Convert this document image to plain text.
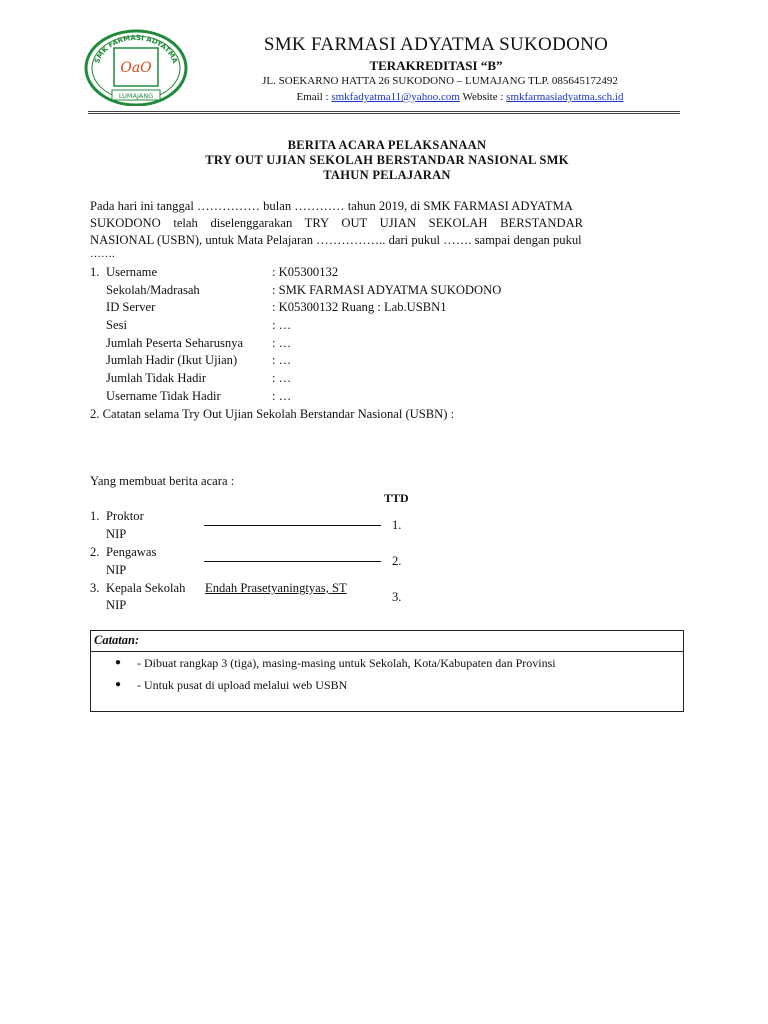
SMK FARMASI ADYATMA
OaO
LUMAJANG
SMK FARMASI ADYATMA SUKODONO
TERAKREDITASI “B”
JL. SOEKARNO HATTA 26 SUKODONO – LUMAJANG TLP. 085645172492
Email : smkfadyatma11@yahoo.com Website : smkfarmasiadyatma.sch.id
BERITA ACARA PELAKSANAAN
TRY OUT UJIAN SEKOLAH BERSTANDAR NASIONAL SMK
TAHUN PELAJARAN
Pada hari ini tanggal …………… bulan ………… tahun 2019, di SMK FARMASI ADYATMA
SUKODONO telah diselenggarakan TRY OUT UJIAN SEKOLAH BERSTANDAR
NASIONAL (USBN), untuk Mata Pelajaran …………….. dari pukul ……. sampai dengan pukul
…….
1. Username	: K05300132
Sekolah/Madrasah	: SMK FARMASI ADYATMA SUKODONO
ID Server	: K05300132 Ruang : Lab.USBN1
Sesi	: …
Jumlah Peserta Seharusnya : …
Jumlah Hadir (Ikut Ujian)	: …
Jumlah Tidak Hadir	: …
Username Tidak Hadir	: …
2. Catatan selama Try Out Ujian Sekolah Berstandar Nasional (USBN) :
Yang membuat berita acara :
TTD
1. Proktor
NIP
1.
2. Pengawas
NIP
2.
3. Kepala Sekolah Endah Prasetyaningtyas, ST
NIP
3.
Catatan:
● - Dibuat rangkap 3 (tiga), masing-masing untuk Sekolah, Kota/Kabupaten dan Provinsi
● - Untuk pusat di upload melalui web USBN
